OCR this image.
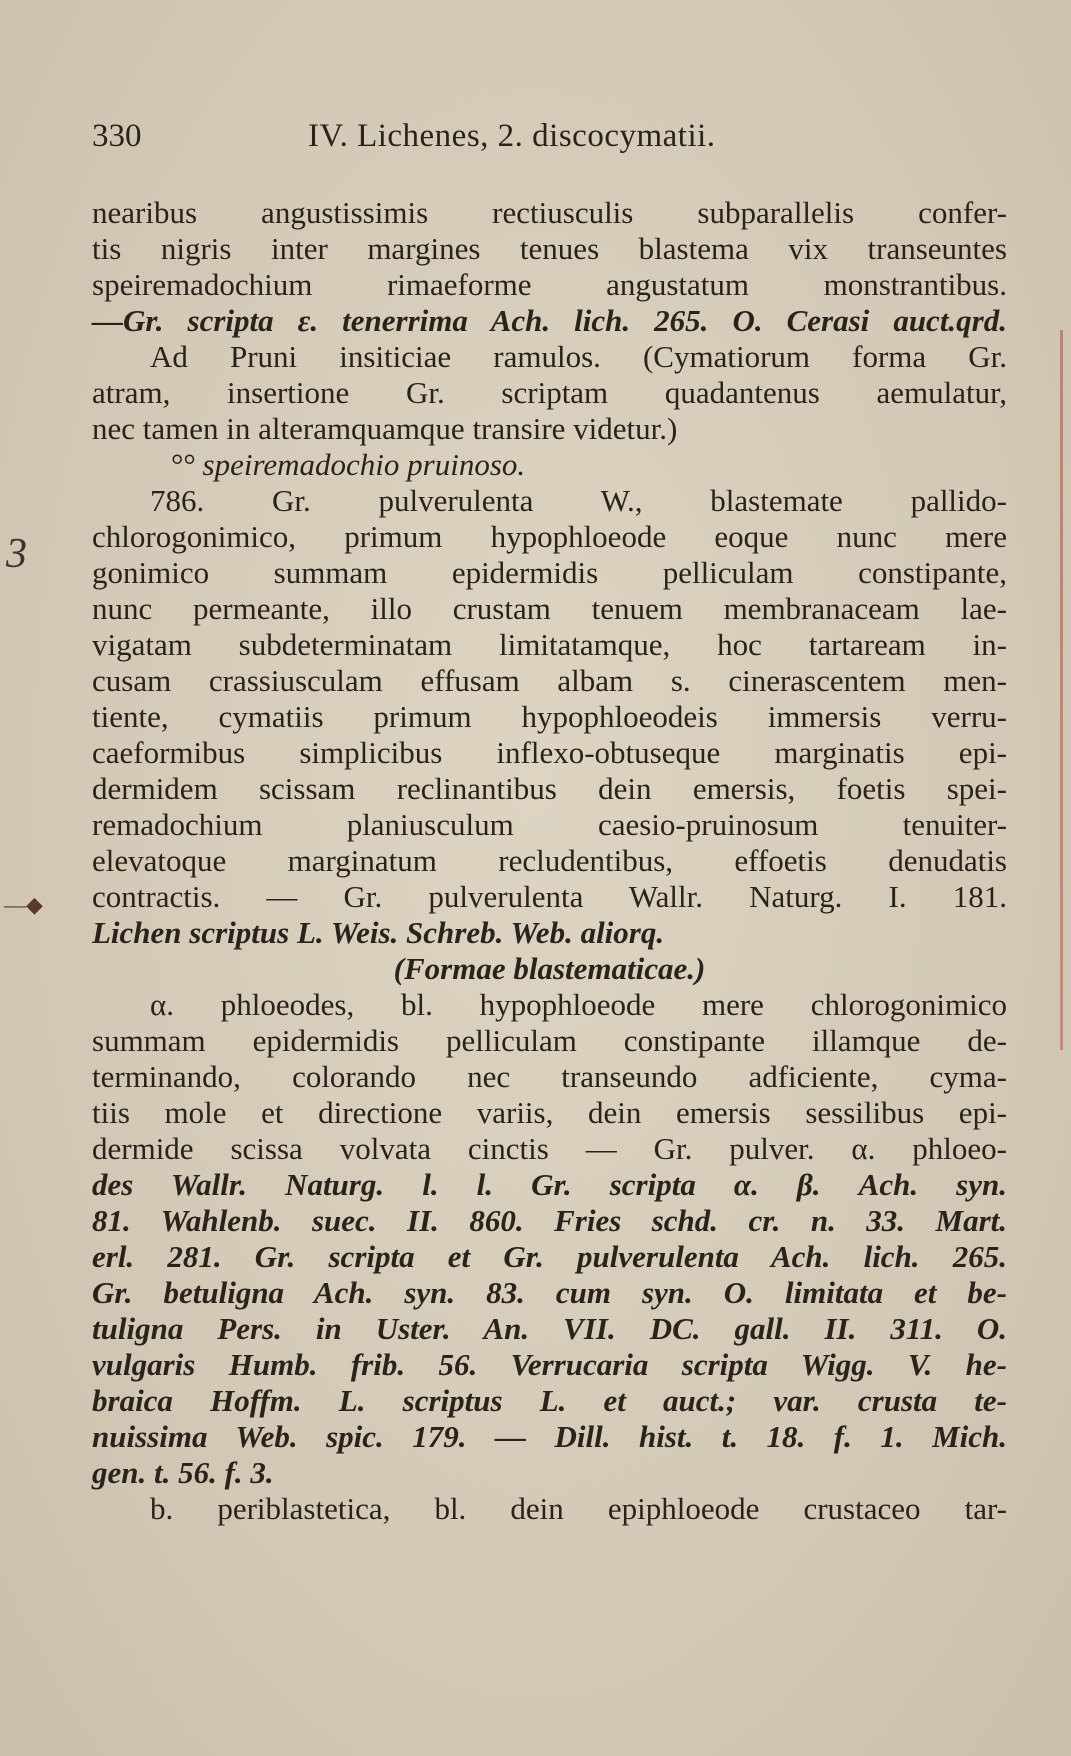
330	IV. Lichenes, 2. discocymatii.
3
—◆
nearibus angustissimis rectiusculis subparallelis confer-
tis nigris inter margines tenues blastema vix transeuntes
speiremadochium rimaeforme angustatum monstrantibus.
—Gr. scripta ε. tenerrima Ach. lich. 265. O. Cerasi auct.qrd.
Ad Pruni insiticiae ramulos. (Cymatiorum forma Gr.
atram, insertione Gr. scriptam quadantenus aemulatur,
nec tamen in alteramquamque transire videtur.)
°° speiremadochio pruinoso.
786. Gr. pulverulenta W., blastemate pallido-
chlorogonimico, primum hypophloeode eoque nunc mere
gonimico summam epidermidis pelliculam constipante,
nunc permeante, illo crustam tenuem membranaceam lae-
vigatam subdeterminatam limitatamque, hoc tartaream in-
cusam crassiusculam effusam albam s. cinerascentem men-
tiente, cymatiis primum hypophloeodeis immersis verru-
caeformibus simplicibus inflexo-obtuseque marginatis epi-
dermidem scissam reclinantibus dein emersis, foetis spei-
remadochium planiusculum caesio-pruinosum tenuiter-
elevatoque marginatum recludentibus, effoetis denudatis
contractis. — Gr. pulverulenta Wallr. Naturg. I. 181.
Lichen scriptus L. Weis. Schreb. Web. aliorq.
(Formae blastematicae.)
α. phloeodes, bl. hypophloeode mere chlorogonimico
summam epidermidis pelliculam constipante illamque de-
terminando, colorando nec transeundo adficiente, cyma-
tiis mole et directione variis, dein emersis sessilibus epi-
dermide scissa volvata cinctis — Gr. pulver. α. phloeo-
des Wallr. Naturg. l. l. Gr. scripta α. β. Ach. syn.
81. Wahlenb. suec. II. 860. Fries schd. cr. n. 33. Mart.
erl. 281. Gr. scripta et Gr. pulverulenta Ach. lich. 265.
Gr. betuligna Ach. syn. 83. cum syn. O. limitata et be-
tuligna Pers. in Uster. An. VII. DC. gall. II. 311. O.
vulgaris Humb. frib. 56. Verrucaria scripta Wigg. V. he-
braica Hoffm. L. scriptus L. et auct.; var. crusta te-
nuissima Web. spic. 179. — Dill. hist. t. 18. f. 1. Mich.
gen. t. 56. f. 3.
b. periblastetica, bl. dein epiphloeode crustaceo tar-
